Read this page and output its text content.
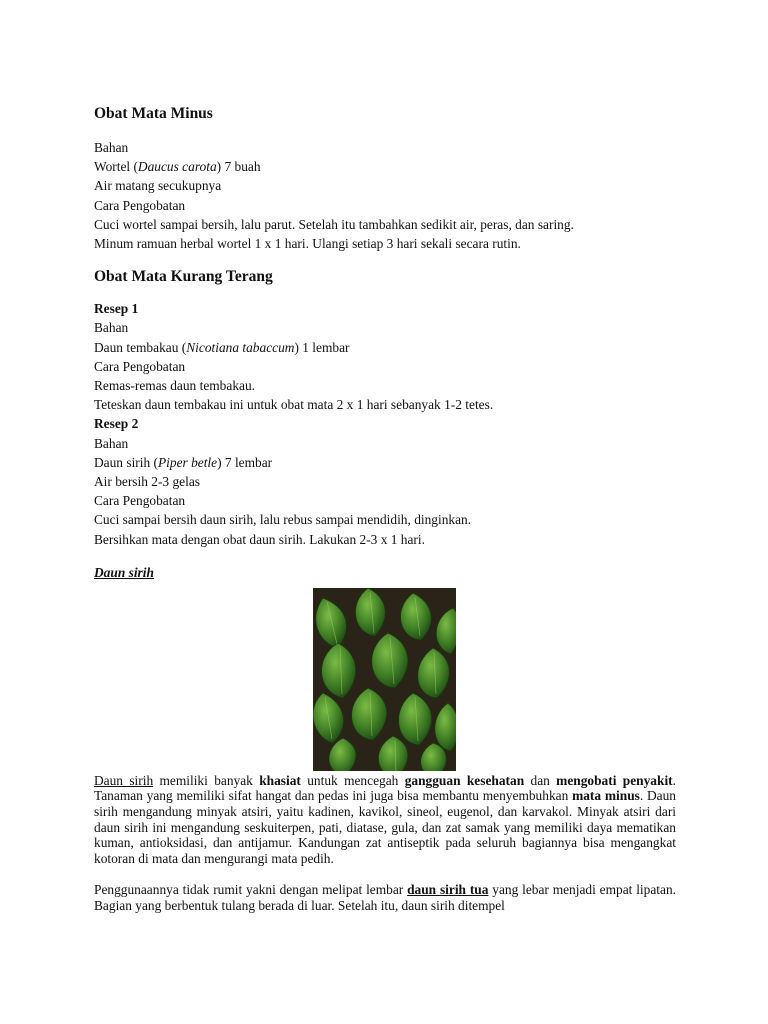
Obat Mata Minus
Bahan
Wortel (Daucus carota) 7 buah
Air matang secukupnya
Cara Pengobatan
Cuci wortel sampai bersih, lalu parut. Setelah itu tambahkan sedikit air, peras, dan saring.
Minum ramuan herbal wortel 1 x 1 hari. Ulangi setiap 3 hari sekali secara rutin.
Obat Mata Kurang Terang
Resep 1
Bahan
Daun tembakau (Nicotiana tabaccum) 1 lembar
Cara Pengobatan
Remas-remas daun tembakau.
Teteskan daun tembakau ini untuk obat mata 2 x 1 hari sebanyak 1-2 tetes.
Resep 2
Bahan
Daun sirih (Piper betle) 7 lembar
Air bersih 2-3 gelas
Cara Pengobatan
Cuci sampai bersih daun sirih, lalu rebus sampai mendidih, dinginkan.
Bersihkan mata dengan obat daun sirih. Lakukan 2-3 x 1 hari.
Daun sirih

Daun sirih memiliki banyak khasiat untuk mencegah gangguan kesehatan dan mengobati penyakit. Tanaman yang memiliki sifat hangat dan pedas ini juga bisa membantu menyembuhkan mata minus. Daun sirih mengandung minyak atsiri, yaitu kadinen, kavikol, sineol, eugenol, dan karvakol. Minyak atsiri dari daun sirih ini mengandung seskuiterpen, pati, diatase, gula, dan zat samak yang memiliki daya mematikan kuman, antioksidasi, dan antijamur. Kandungan zat antiseptik pada seluruh bagiannya bisa mengangkat kotoran di mata dan mengurangi mata pedih.

Penggunaannya tidak rumit yakni dengan melipat lembar daun sirih tua yang lebar menjadi empat lipatan. Bagian yang berbentuk tulang berada di luar. Setelah itu, daun sirih ditempel
